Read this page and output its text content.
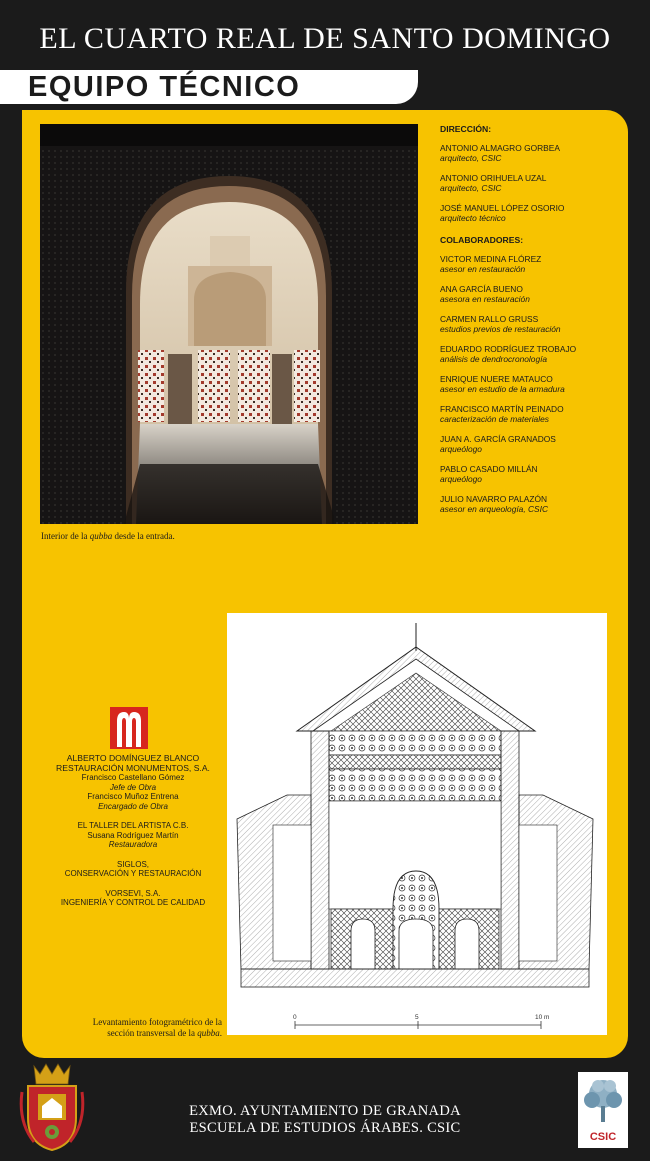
EL CUARTO REAL DE SANTO DOMINGO
EQUIPO TÉCNICO
Interior de la qubba desde la entrada.
DIRECCIÓN:
ANTONIO ALMAGRO GORBEA
arquitecto, CSIC
ANTONIO ORIHUELA UZAL
arquitecto, CSIC
JOSÉ MANUEL LÓPEZ OSORIO
arquitecto técnico
COLABORADORES:
VICTOR MEDINA FLÓREZ
asesor en restauración
ANA GARCÍA BUENO
asesora en restauración
CARMEN RALLO GRUSS
estudios previos de restauración
EDUARDO RODRÍGUEZ TROBAJO
análisis de dendrocronología
ENRIQUE NUERE MATAUCO
asesor en estudio de la armadura
FRANCISCO MARTÍN PEINADO
caracterización de materiales
JUAN A. GARCÍA GRANADOS
arqueólogo
PABLO CASADO MILLÁN
arqueólogo
JULIO NAVARRO PALAZÓN
asesor en arqueología, CSIC
ALBERTO DOMÍNGUEZ BLANCO
RESTAURACIÓN MONUMENTOS, S.A.
Francisco Castellano Gómez
Jefe de Obra
Francisco Muñoz Entrena
Encargado de Obra
EL TALLER DEL ARTISTA C.B.
Susana Rodríguez Martín
Restauradora
SIGLOS,
CONSERVACIÓN Y RESTAURACIÓN
VORSEVI, S.A.
INGENIERÍA Y CONTROL DE CALIDAD
0	5	10 m
Levantamiento fotogramétrico de la
sección transversal de la qubba.
EXMO. AYUNTAMIENTO DE GRANADA
ESCUELA DE ESTUDIOS ÁRABES. CSIC
CSIC
